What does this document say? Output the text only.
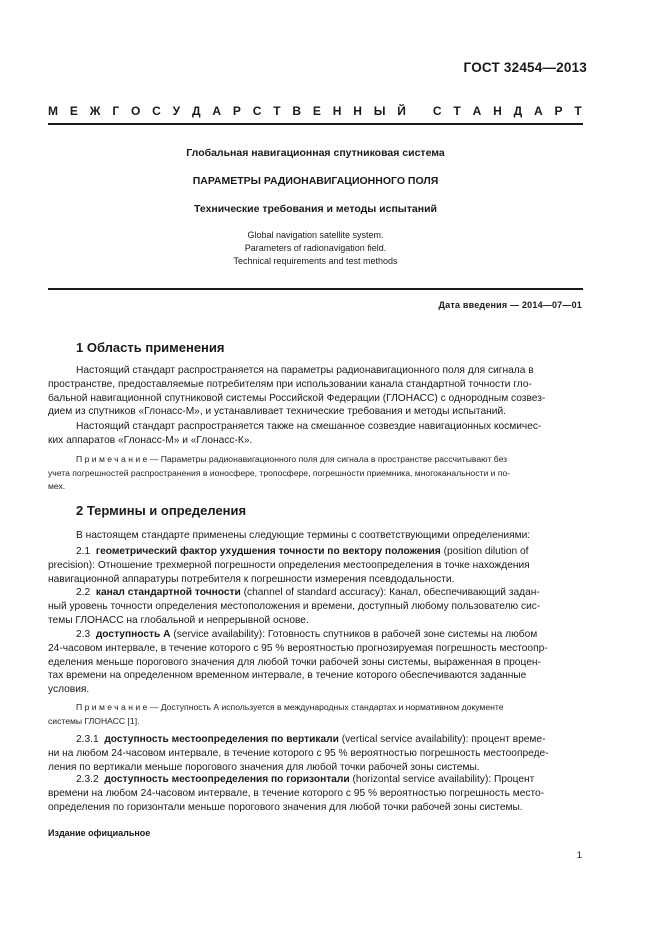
ГОСТ 32454—2013
М Е Ж Г О С У Д А Р С Т В Е Н Н Ы Й
С Т А Н Д А Р Т
Глобальная навигационная спутниковая система
ПАРАМЕТРЫ РАДИОНАВИГАЦИОННОГО ПОЛЯ
Технические требования и методы испытаний
Global navigation satellite system.
Parameters of radionavigation field.
Technical requirements and test methods
Дата введения — 2014—07—01
1 Область применения
Настоящий стандарт распространяется на параметры радионавигационного поля для сигнала в
пространстве, предоставляемые потребителям при использовании канала стандартной точности гло-
бальной навигационной спутниковой системы Российской Федерации (ГЛОНАСС) с однородным созвез-
дием из спутников «Глонасс-М», и устанавливает технические требования и методы испытаний.
Настоящий стандарт распространяется также на смешанное созвездие навигационных космичес-
ких аппаратов «Глонасс-М» и «Глонасс-К».
Примечание— Параметры радионавигационного поля для сигнала в пространстве рассчитывают без
учета погрешностей распространения в ионосфере, тропосфере, погрешности приемника, многоканальности и по-
мех.
2 Термины и определения
В настоящем стандарте применены следующие термины с соответствующими определениями:
2.1 геометрический фактор ухудшения точности по вектору положения (position dilution of
precision): Отношение трехмерной погрешности определения местоопределения в точке нахождения
навигационной аппаратуры потребителя к погрешности измерения псевдодальности.
2.2 канал стандартной точности (channel of standard accuracy): Канал, обеспечивающий задан-
ный уровень точности определения местоположения и времени, доступный любому пользователю сис-
темы ГЛОНАСС на глобальной и непрерывной основе.
2.3 доступность А (service availability): Готовность спутников в рабочей зоне системы на любом
24-часовом интервале, в течение которого с 95 % вероятностью прогнозируемая погрешность местоопр-
еделения меньше порогового значения для любой точки рабочей зоны системы, выраженная в процен-
тах времени на определенном временном интервале, в течение которого обеспечиваются заданные
условия.
Примечание— Доступность А используется в международных стандартах и нормативном документе
системы ГЛОНАСС [1].
2.3.1 доступность местоопределения по вертикали (vertical service availability): процент време-
ни на любом 24-часовом интервале, в течение которого с 95 % вероятностью погрешность местоопреде-
ления по вертикали меньше порогового значения для любой точки рабочей зоны системы.
2.3.2 доступность местоопределения по горизонтали (horizontal service availability): Процент
времени на любом 24-часовом интервале, в течение которого с 95 % вероятностью погрешность место-
определения по горизонтали меньше порогового значения для любой точки рабочей зоны системы.
Издание официальное
1
